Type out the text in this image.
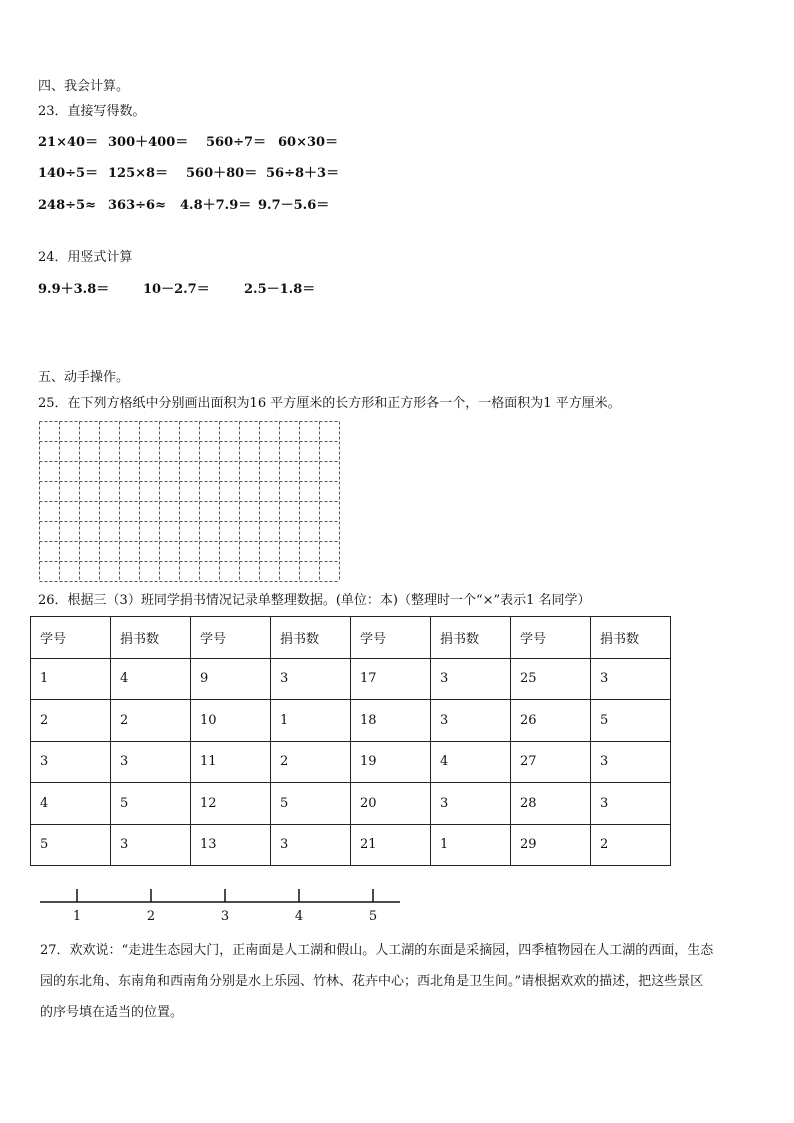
四、我会计算。
23．直接写得数。
21×40＝ 300＋400＝ 560÷7＝ 60×30＝
140÷5＝ 125×8＝ 560＋80＝ 56÷8＋3＝
248÷5≈ 363÷6≈ 4.8＋7.9＝ 9.7－5.6＝
24．用竖式计算
9.9＋3.8＝	10－2.7＝	2.5－1.8＝
五、动手操作。
25．在下列方格纸中分别画出面积为16 平方厘米的长方形和正方形各一个，一格面积为1 平方厘米。
26．根据三（3）班同学捐书情况记录单整理数据。(单位：本)（整理时一个“×”表示1 名同学）
学号	捐书数	学号	捐书数	学号	捐书数	学号	捐书数
1	4	9	3	17	3	25	3
2	2	10	1	18	3	26	5
3	3	11	2	19	4	27	3
4	5	12	5	20	3	28	3
5	3	13	3	21	1	29	2
1	2	3	4	5
27．欢欢说：“走进生态园大门，正南面是人工湖和假山。人工湖的东面是采摘园，四季植物园在人工湖的西面，生态
园的东北角、东南角和西南角分别是水上乐园、竹林、花卉中心；西北角是卫生间。”请根据欢欢的描述，把这些景区
的序号填在适当的位置。
